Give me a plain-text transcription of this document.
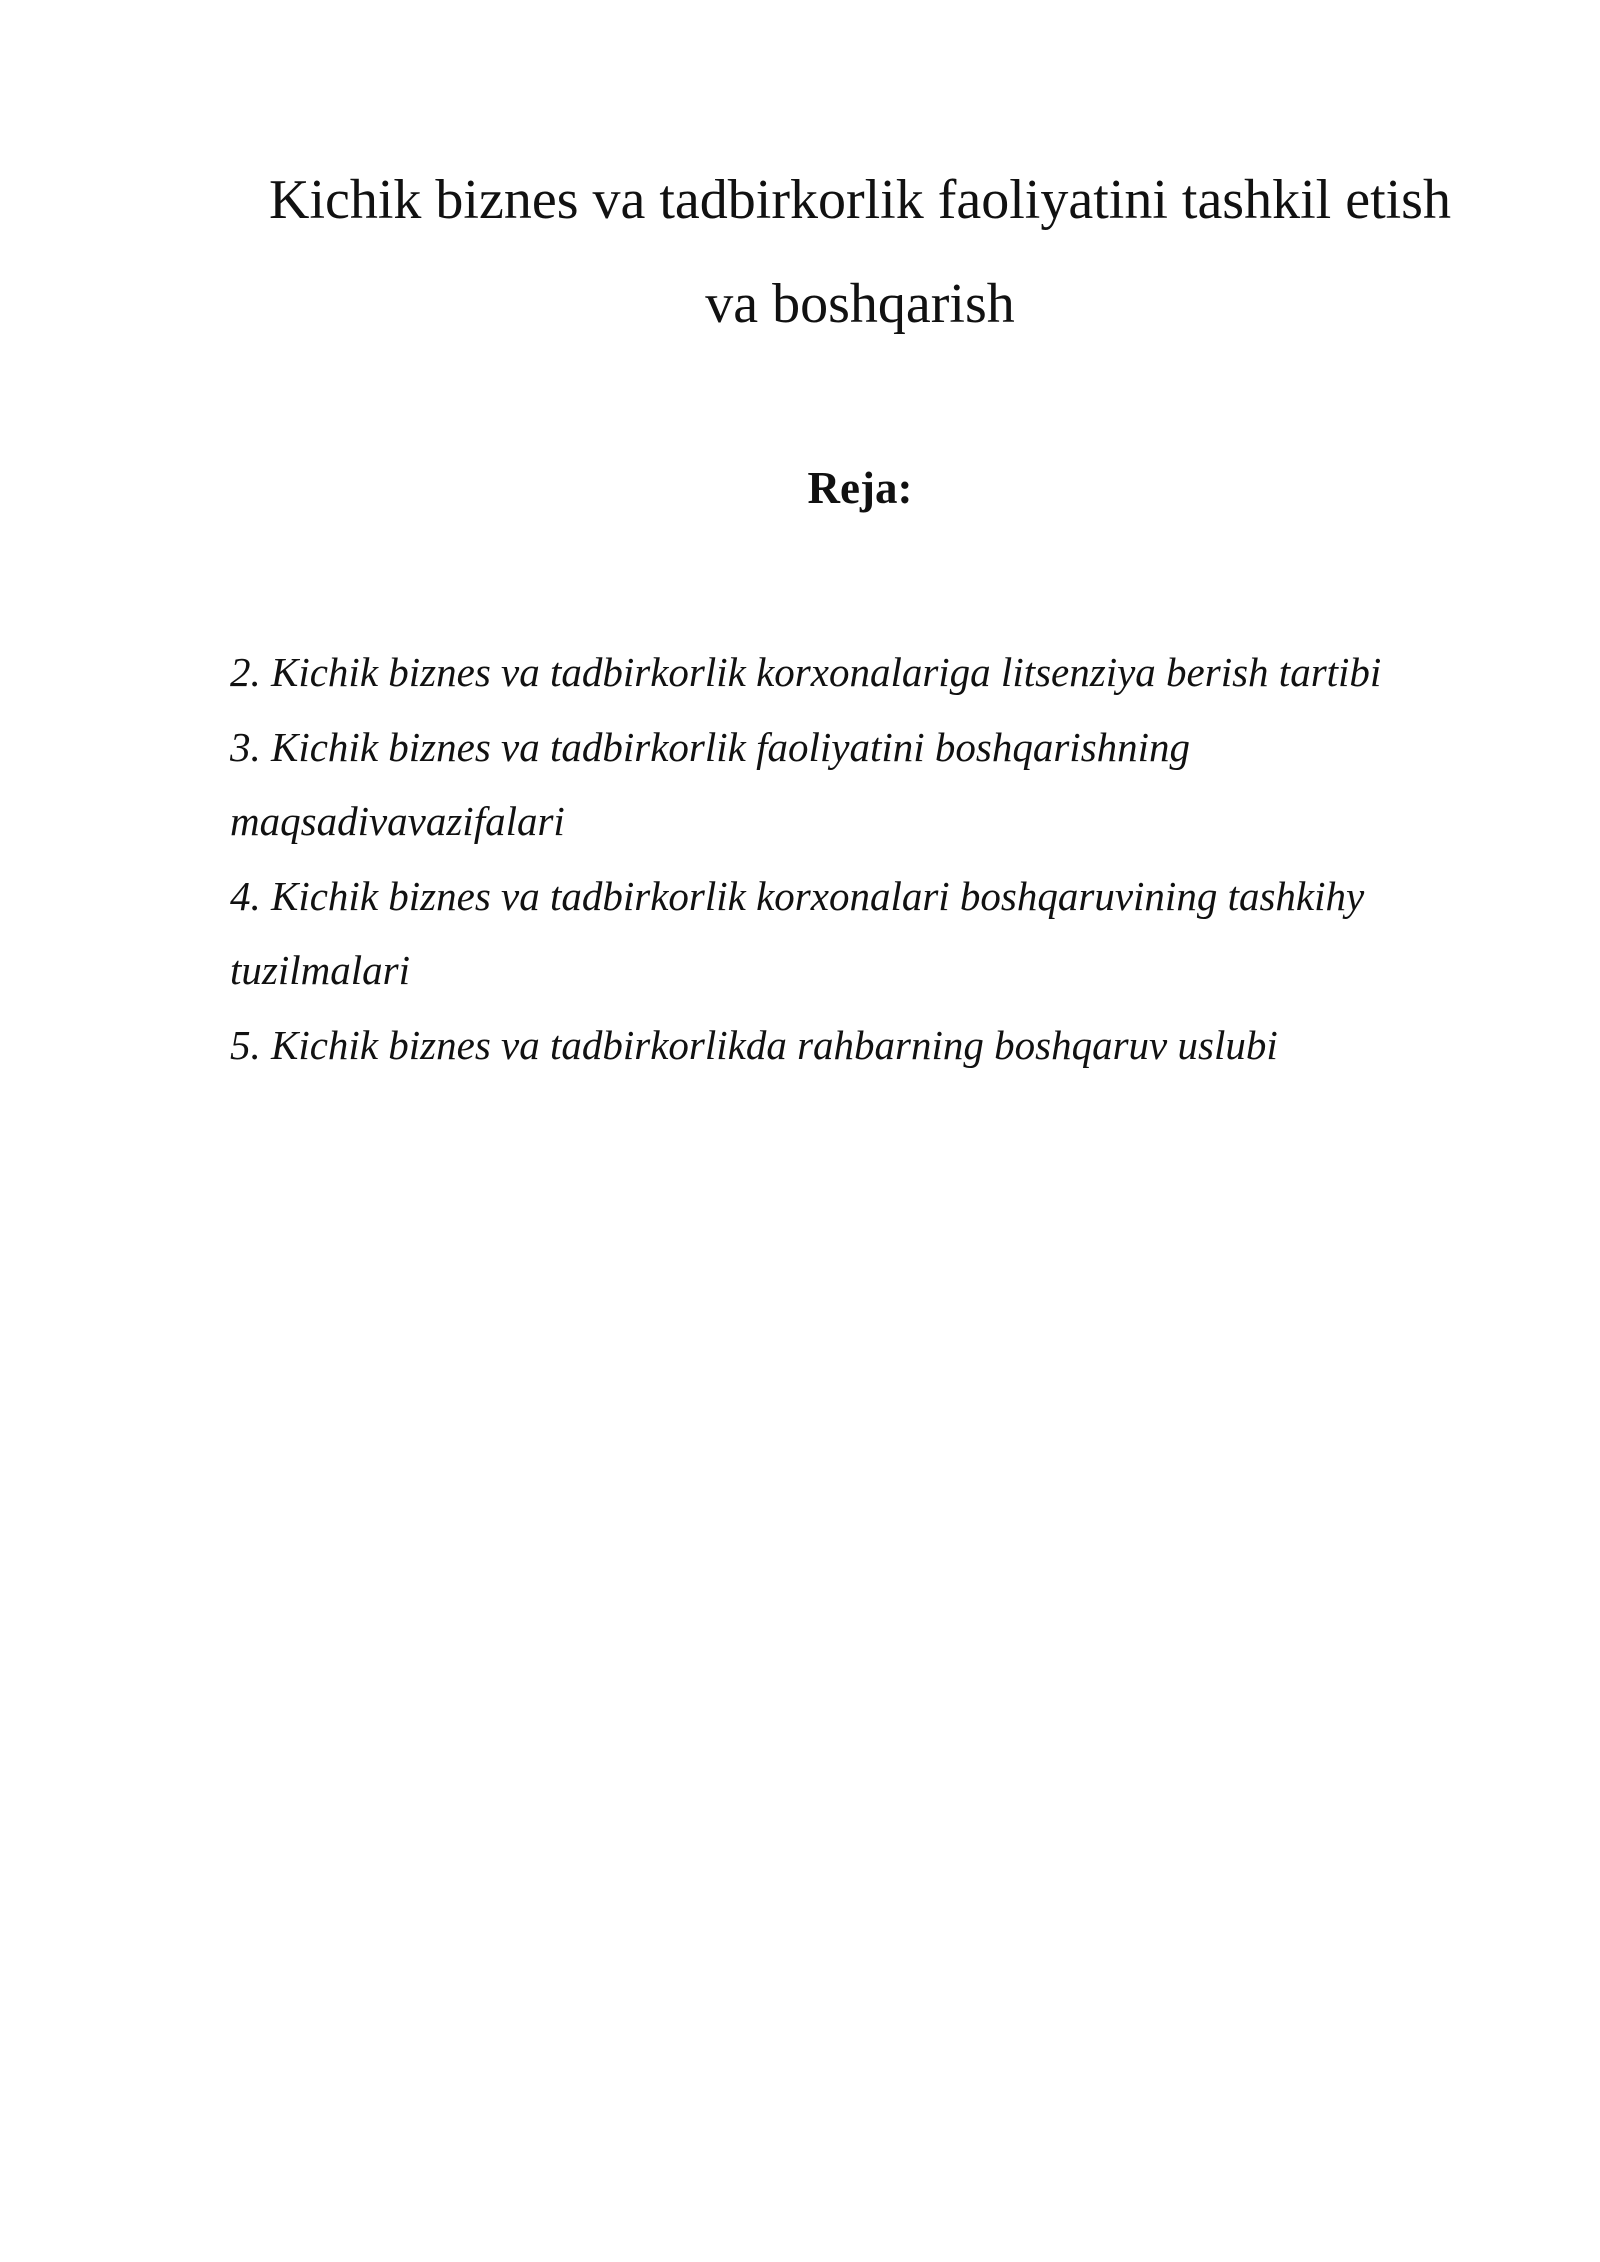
Kichik biznes va tadbirkorlik faoliyatini tashkil etish
va boshqarish
Reja:
2. Kichik biznes va tadbirkorlik korxonalariga litsenziya berish tartibi
3. Kichik biznes va tadbirkorlik faoliyatini boshqarishning
maqsadivavazifalari
4. Kichik biznes va tadbirkorlik korxonalari boshqaruvining tashkihy
tuzilmalari
5. Kichik biznes va tadbirkorlikda rahbarning boshqaruv uslubi
